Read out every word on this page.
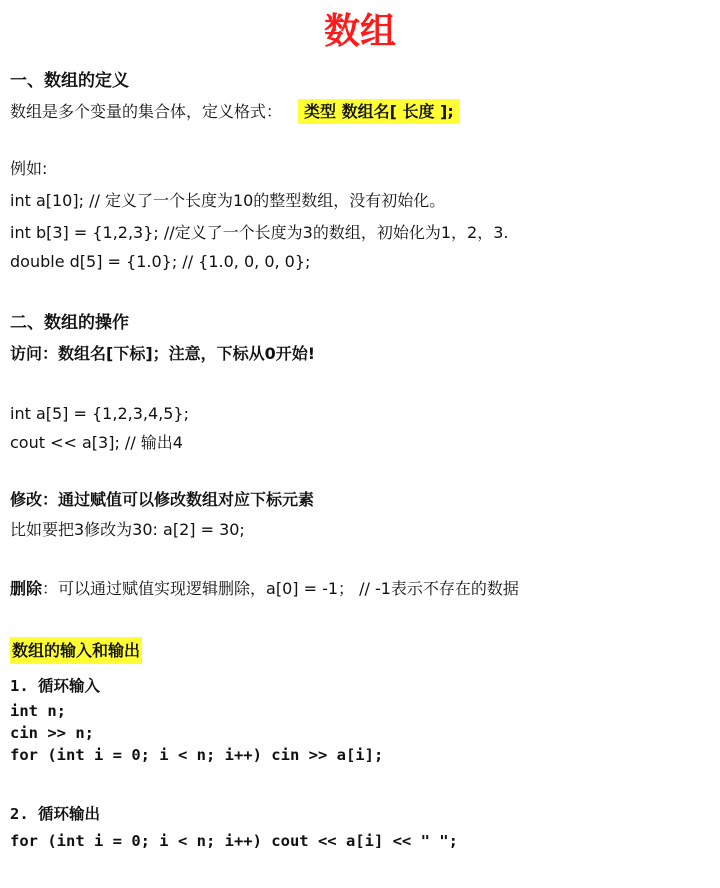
数组
一、数组的定义
数组是多个变量的集合体，定义格式： 类型 数组名[ 长度 ];
例如:
int a[10]; // 定义了一个长度为10的整型数组，没有初始化。
int b[3] = {1,2,3}; //定义了一个长度为3的数组，初始化为1，2，3.
double d[5] = {1.0}; // {1.0, 0, 0, 0};
二、数组的操作
访问：数组名[下标]；注意，下标从0开始!
int a[5] = {1,2,3,4,5};
cout << a[3]; // 输出4
修改：通过赋值可以修改数组对应下标元素
比如要把3修改为30: a[2] = 30;
删除：可以通过赋值实现逻辑删除，a[0] = -1； // -1表示不存在的数据
数组的输入和输出
1. 循环输入
int n;
cin >> n;
for (int i = 0; i < n; i++) cin >> a[i];
2. 循环输出
for (int i = 0; i < n; i++) cout << a[i] << " ";
